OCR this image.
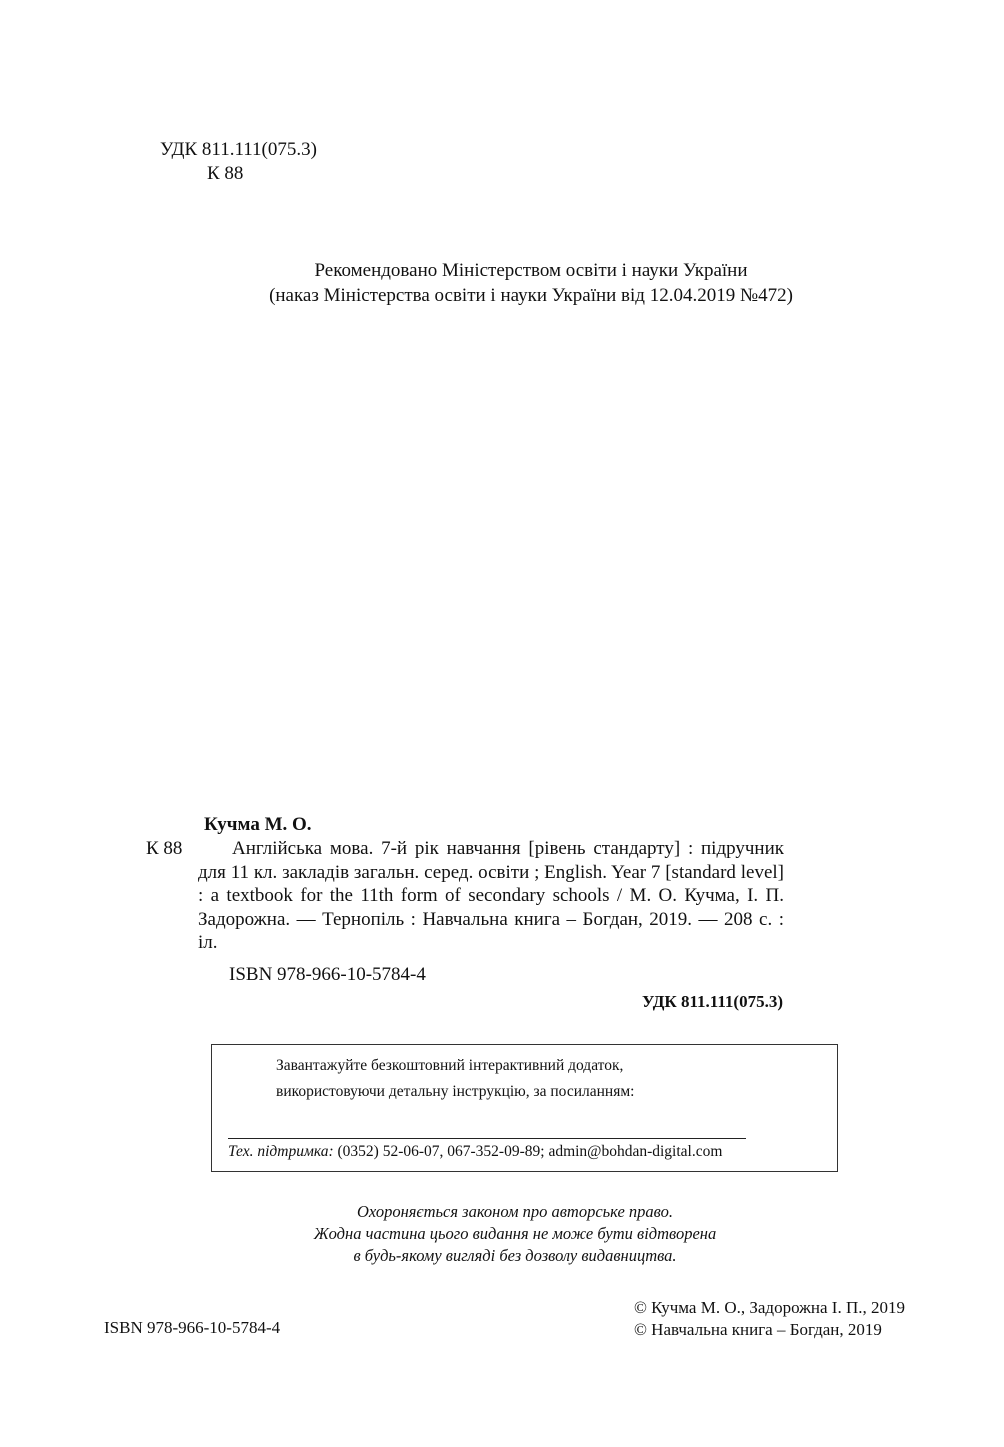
УДК 811.111(075.3)
К 88
Рекомендовано Міністерством освіти і науки України
(наказ Міністерства освіти і науки України від 12.04.2019 №472)
Кучма М. О.
К 88	Англійська мова. 7-й рік навчання [рівень стандарту] : підручник для 11 кл. закладів загальн. серед. освіти ; English. Year 7 [standard level] : a textbook for the 11th form of secondary schools / М. О. Кучма, І. П. Задорожна. — Тернопіль : Навчальна книга – Богдан, 2019. — 208 с. : іл.
ISBN 978-966-10-5784-4
УДК 811.111(075.3)
Завантажуйте безкоштовний інтерактивний додаток,
використовуючи детальну інструкцію, за посиланням:
Тех. підтримка: (0352) 52-06-07, 067-352-09-89; admin@bohdan-digital.com
Охороняється законом про авторське право.
Жодна частина цього видання не може бути відтворена
в будь-якому вигляді без дозволу видавництва.
ISBN 978-966-10-5784-4
© Кучма М. О., Задорожна І. П., 2019
© Навчальна книга – Богдан, 2019
